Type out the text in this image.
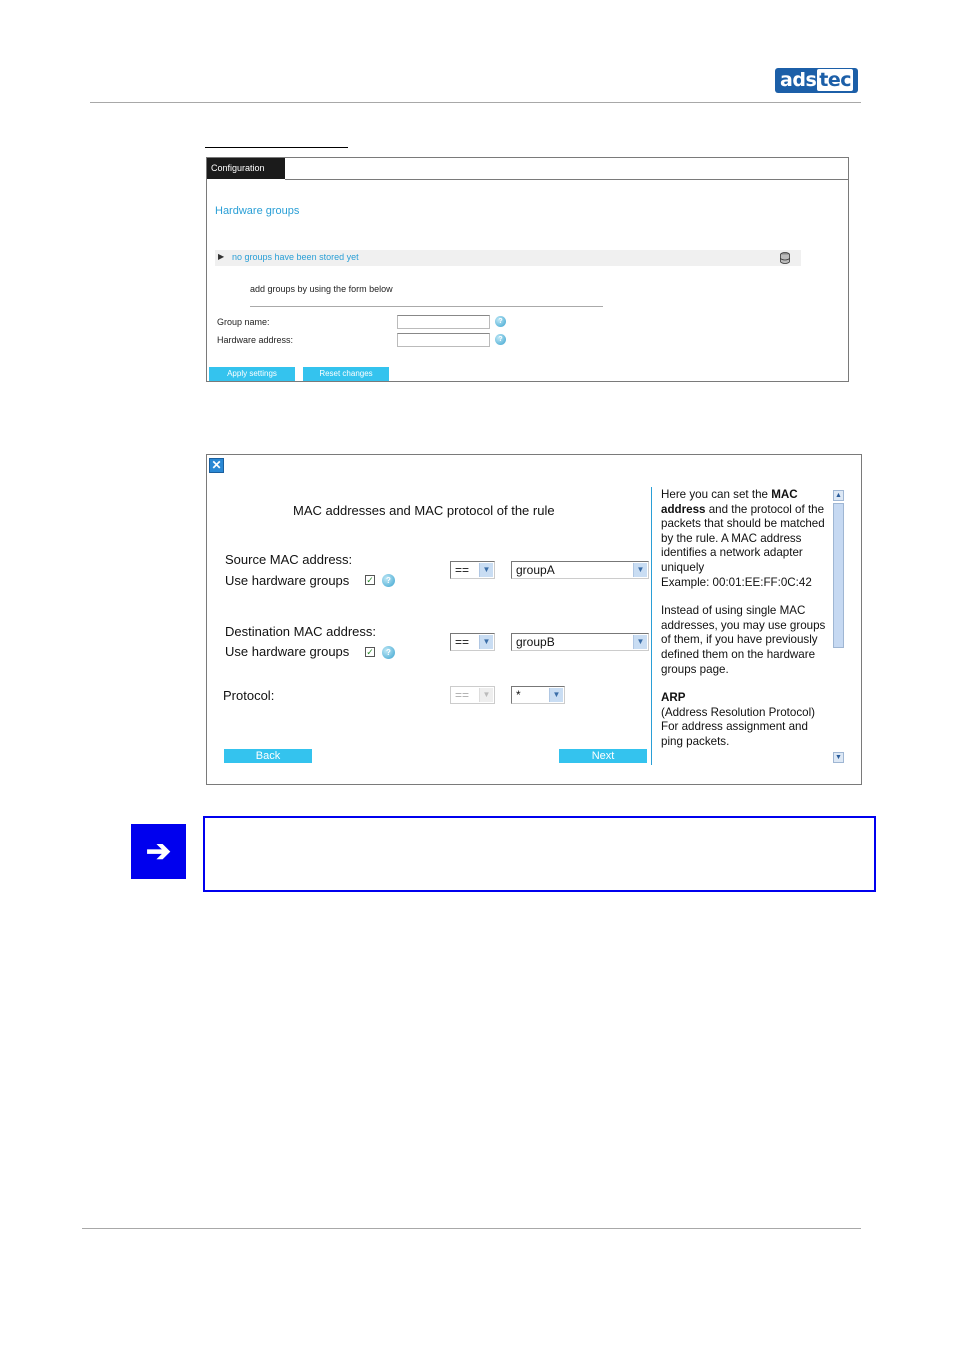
ads tec
Configuration
Hardware groups
▶ no groups have been stored yet
add groups by using the form below
Group name:	?
Hardware address:	?
Apply settings	Reset changes
✕
MAC addresses and MAC protocol of the rule
Source MAC address:
Use hardware groups ✓	?
==	▼	groupA	▼
Destination MAC address:
Use hardware groups ✓	?
==	▼	groupB	▼
Protocol:	==	▼	*	▼
Back	Next

Here you can set the MAC address and the protocol of the packets that should be matched by the rule. A MAC address identifies a network adapter uniquely
Example: 00:01:EE:FF:0C:42

Instead of using single MAC addresses, you may use groups of them, if you have previously defined them on the hardware groups page.

ARP
(Address Resolution Protocol) For address assignment and ping packets.

▲
▼
➔
